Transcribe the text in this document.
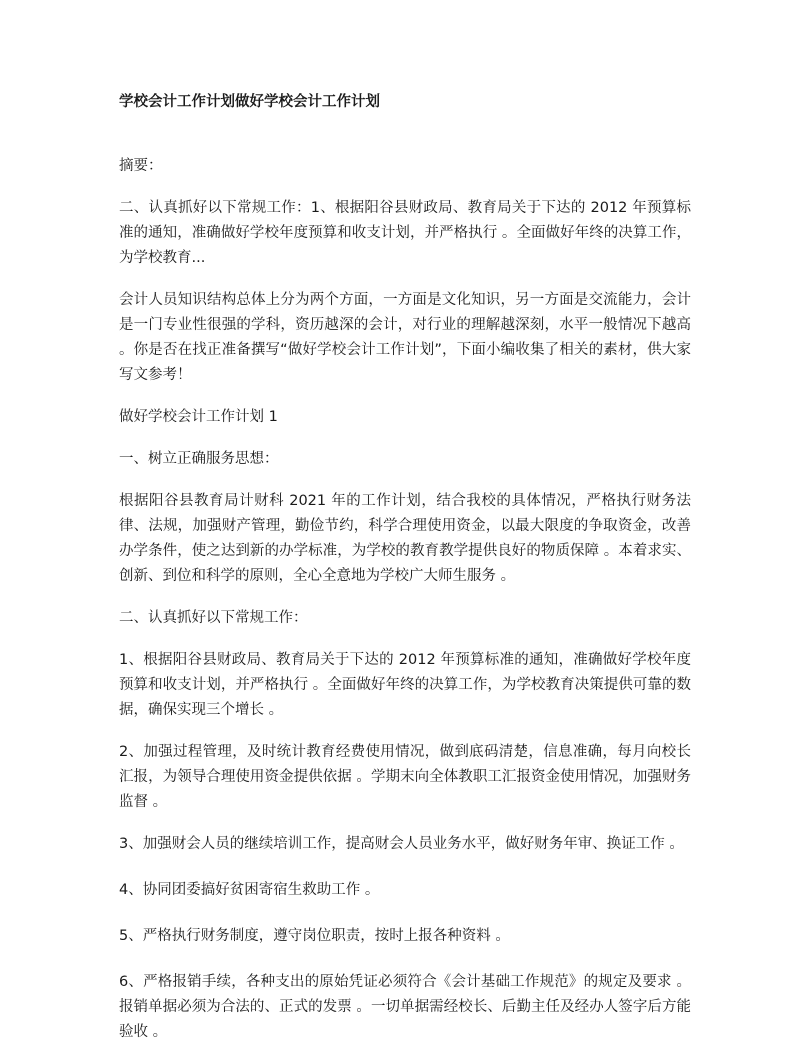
学校会计工作计划做好学校会计工作计划

摘要：

二、认真抓好以下常规工作：1、根据阳谷县财政局、教育局关于下达的 2012 年预算标准的通知，准确做好学校年度预算和收支计划，并严格执行 。全面做好年终的决算工作，为学校教育...

会计人员知识结构总体上分为两个方面，一方面是文化知识，另一方面是交流能力，会计是一门专业性很强的学科，资历越深的会计，对行业的理解越深刻，水平一般情况下越高 。你是否在找正准备撰写“做好学校会计工作计划”，下面小编收集了相关的素材，供大家写文参考！

做好学校会计工作计划 1

一、树立正确服务思想：

根据阳谷县教育局计财科 2021 年的工作计划，结合我校的具体情况，严格执行财务法律、法规，加强财产管理，勤俭节约，科学合理使用资金，以最大限度的争取资金，改善办学条件，使之达到新的办学标准，为学校的教育教学提供良好的物质保障 。本着求实、创新、到位和科学的原则，全心全意地为学校广大师生服务 。

二、认真抓好以下常规工作：

1、根据阳谷县财政局、教育局关于下达的 2012 年预算标准的通知，准确做好学校年度预算和收支计划，并严格执行 。全面做好年终的决算工作，为学校教育决策提供可靠的数据，确保实现三个增长 。

2、加强过程管理，及时统计教育经费使用情况，做到底码清楚，信息准确，每月向校长汇报，为领导合理使用资金提供依据 。学期末向全体教职工汇报资金使用情况，加强财务监督 。

3、加强财会人员的继续培训工作，提高财会人员业务水平，做好财务年审、换证工作 。

4、协同团委搞好贫困寄宿生救助工作 。

5、严格执行财务制度，遵守岗位职责，按时上报各种资料 。

6、严格报销手续，各种支出的原始凭证必须符合《会计基础工作规范》的规定及要求 。报销单据必须为合法的、正式的发票 。一切单据需经校长、后勤主任及经办人签字后方能验收 。
